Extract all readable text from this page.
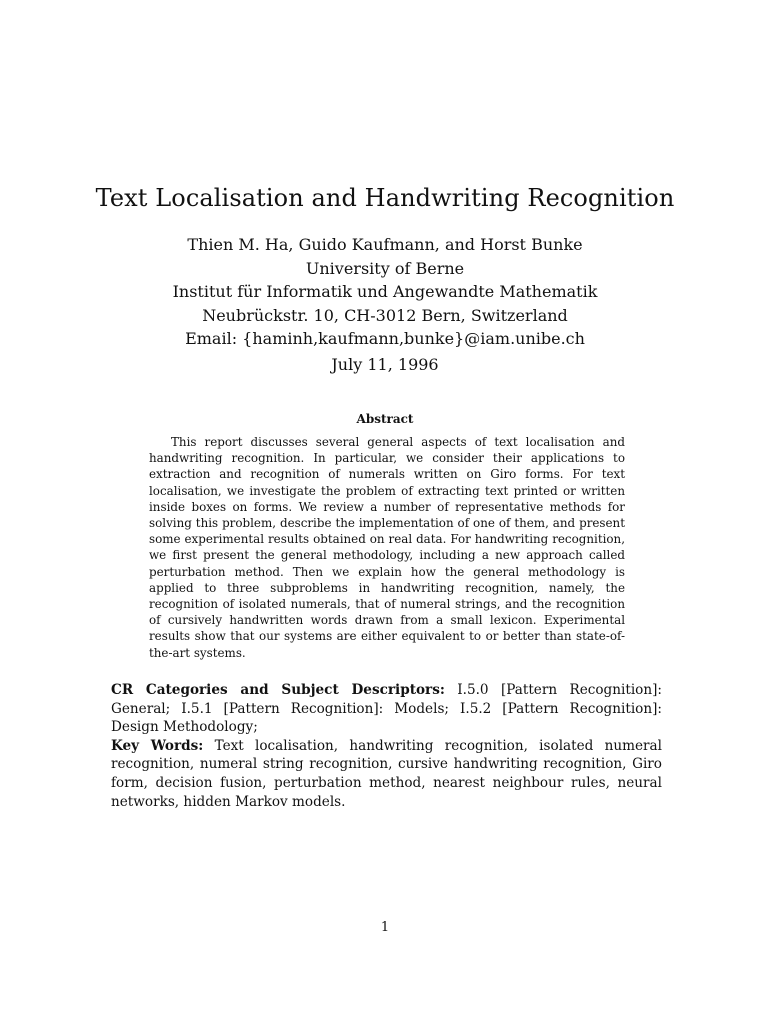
Text Localisation and Handwriting Recognition
Thien M. Ha, Guido Kaufmann, and Horst Bunke
University of Berne
Institut für Informatik und Angewandte Mathematik
Neubrückstr. 10, CH-3012 Bern, Switzerland
Email: {haminh,kaufmann,bunke}@iam.unibe.ch
July 11, 1996
Abstract

This report discusses several general aspects of text localisation and handwriting recognition. In particular, we consider their applications to extraction and recognition of numerals written on Giro forms. For text localisation, we investigate the problem of extracting text printed or written inside boxes on forms. We review a number of representative methods for solving this problem, describe the implementation of one of them, and present some experimental results obtained on real data. For handwriting recognition, we first present the general methodology, including a new approach called perturbation method. Then we explain how the general methodology is applied to three subproblems in handwriting recognition, namely, the recognition of isolated numerals, that of numeral strings, and the recognition of cursively handwritten words drawn from a small lexicon. Experimental results show that our systems are either equivalent to or better than state-of-the-art systems.

CR Categories and Subject Descriptors: I.5.0 [Pattern Recognition]: General; I.5.1 [Pattern Recognition]: Models; I.5.2 [Pattern Recognition]: Design Methodology;

Key Words: Text localisation, handwriting recognition, isolated numeral recognition, numeral string recognition, cursive handwriting recognition, Giro form, decision fusion, perturbation method, nearest neighbour rules, neural networks, hidden Markov models.

1
